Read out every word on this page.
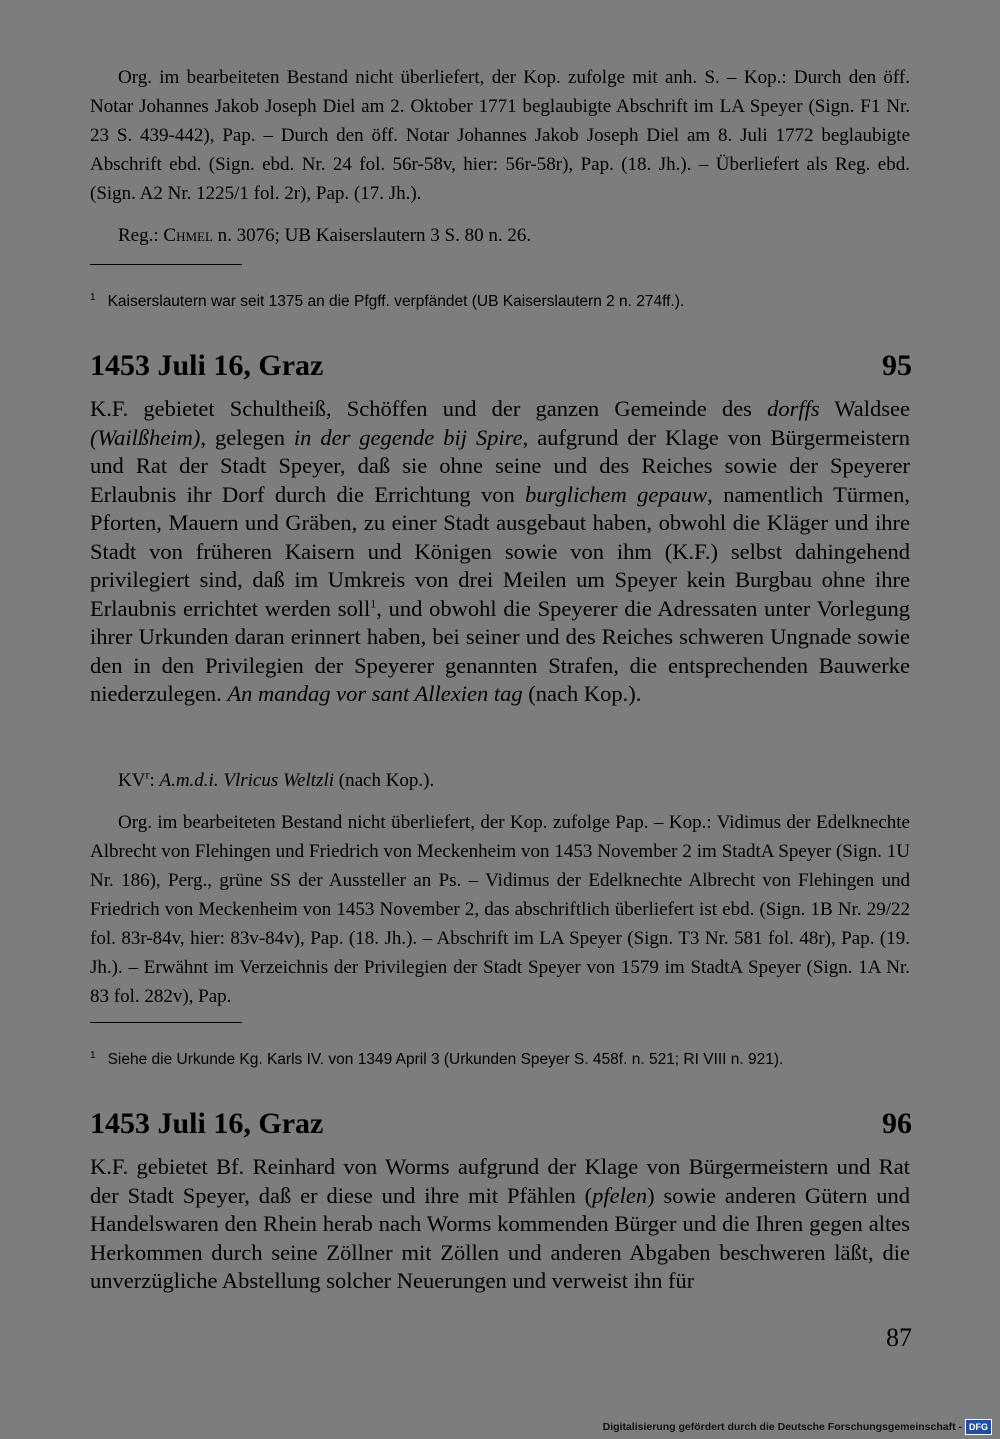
Org. im bearbeiteten Bestand nicht überliefert, der Kop. zufolge mit anh. S. – Kop.: Durch den öff. Notar Johannes Jakob Joseph Diel am 2. Oktober 1771 beglaubigte Abschrift im LA Speyer (Sign. F1 Nr. 23 S. 439-442), Pap. – Durch den öff. Notar Johannes Jakob Joseph Diel am 8. Juli 1772 beglaubigte Abschrift ebd. (Sign. ebd. Nr. 24 fol. 56r-58v, hier: 56r-58r), Pap. (18. Jh.). – Überliefert als Reg. ebd. (Sign. A2 Nr. 1225/1 fol. 2r), Pap. (17. Jh.).

Reg.: Chmel n. 3076; UB Kaiserslautern 3 S. 80 n. 26.

$^1$ Kaiserslautern war seit 1375 an die Pfgff. verpfändet (UB Kaiserslautern 2 n. 274ff.).
1453 Juli 16, Graz	95

K.F. gebietet Schultheiß, Schöffen und der ganzen Gemeinde des dorffs Waldsee (Wailßheim), gelegen in der gegende bij Spire, aufgrund der Klage von Bürgermeistern und Rat der Stadt Speyer, daß sie ohne seine und des Reiches sowie der Speyerer Erlaubnis ihr Dorf durch die Errichtung von burglichem gepauw, namentlich Türmen, Pforten, Mauern und Gräben, zu einer Stadt ausgebaut haben, obwohl die Kläger und ihre Stadt von früheren Kaisern und Königen sowie von ihm (K.F.) selbst dahingehend privilegiert sind, daß im Umkreis von drei Meilen um Speyer kein Burgbau ohne ihre Erlaubnis errichtet werden soll$^1$, und obwohl die Speyerer die Adressaten unter Vorlegung ihrer Urkunden daran erinnert haben, bei seiner und des Reiches schweren Ungnade sowie den in den Privilegien der Speyerer genannten Strafen, die entsprechenden Bauwerke niederzulegen. An mandag vor sant Allexien tag (nach Kop.).

$KV^r$: A.m.d.i. Vlricus Weltzli (nach Kop.).

Org. im bearbeiteten Bestand nicht überliefert, der Kop. zufolge Pap. – Kop.: Vidimus der Edelknechte Albrecht von Flehingen und Friedrich von Meckenheim von 1453 November 2 im StadtA Speyer (Sign. 1U Nr. 186), Perg., grüne SS der Aussteller an Ps. – Vidimus der Edelknechte Albrecht von Flehingen und Friedrich von Meckenheim von 1453 November 2, das abschriftlich überliefert ist ebd. (Sign. 1B Nr. 29/22 fol. 83r-84v, hier: 83v-84v), Pap. (18. Jh.). – Abschrift im LA Speyer (Sign. T3 Nr. 581 fol. 48r), Pap. (19. Jh.). – Erwähnt im Verzeichnis der Privilegien der Stadt Speyer von 1579 im StadtA Speyer (Sign. 1A Nr. 83 fol. 282v), Pap.

$^1$ Siehe die Urkunde Kg. Karls IV. von 1349 April 3 (Urkunden Speyer S. 458f. n. 521; RI VIII n. 921).
1453 Juli 16, Graz	96

K.F. gebietet Bf. Reinhard von Worms aufgrund der Klage von Bürgermeistern und Rat der Stadt Speyer, daß er diese und ihre mit Pfählen (pfelen) sowie anderen Gütern und Handelswaren den Rhein herab nach Worms kommenden Bürger und die Ihren gegen altes Herkommen durch seine Zöllner mit Zöllen und anderen Abgaben beschweren läßt, die unverzügliche Abstellung solcher Neuerungen und verweist ihn für

87
Digitalisierung gefördert durch die Deutsche Forschungsgemeinschaft - DFG
